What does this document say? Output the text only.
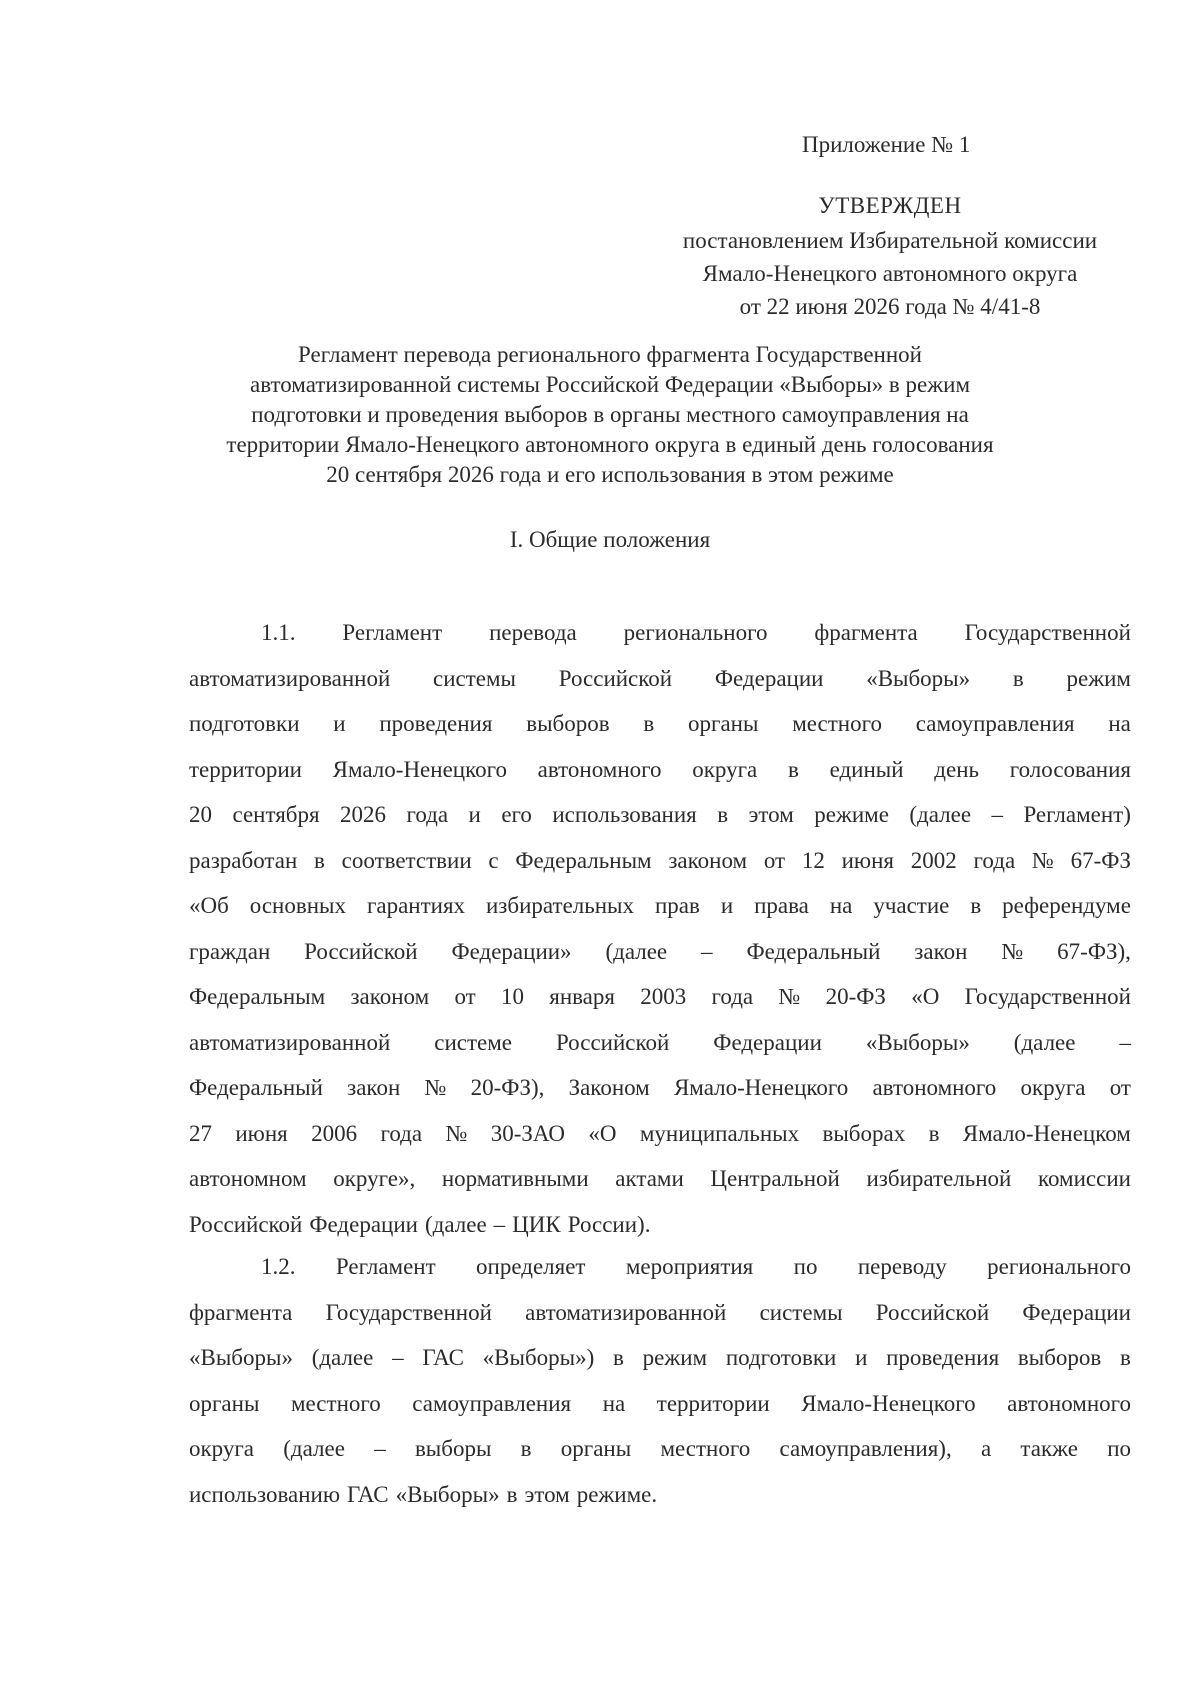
Приложение № 1
УТВЕРЖДЕН
постановлением Избирательной комиссии
Ямало-Ненецкого автономного округа
от 22 июня 2026 года № 4/41-8
Регламент перевода регионального фрагмента Государственной
автоматизированной системы Российской Федерации «Выборы» в режим
подготовки и проведения выборов в органы местного самоуправления на
территории Ямало-Ненецкого автономного округа в единый день голосования
20 сентября 2026 года и его использования в этом режиме
I. Общие положения
1.1. Регламент перевода регионального фрагмента Государственной
автоматизированной системы Российской Федерации «Выборы» в режим
подготовки и проведения выборов в органы местного самоуправления на
территории Ямало-Ненецкого автономного округа в единый день голосования
20 сентября 2026 года и его использования в этом режиме (далее – Регламент)
разработан в соответствии с Федеральным законом от 12 июня 2002 года № 67-ФЗ
«Об основных гарантиях избирательных прав и права на участие в референдуме
граждан Российской Федерации» (далее – Федеральный закон № 67-ФЗ),
Федеральным законом от 10 января 2003 года № 20-ФЗ «О Государственной
автоматизированной системе Российской Федерации «Выборы» (далее –
Федеральный закон № 20-ФЗ), Законом Ямало-Ненецкого автономного округа от
27 июня 2006 года № 30-ЗАО «О муниципальных выборах в Ямало-Ненецком
автономном округе», нормативными актами Центральной избирательной комиссии
Российской Федерации (далее – ЦИК России).
1.2. Регламент определяет мероприятия по переводу регионального
фрагмента Государственной автоматизированной системы Российской Федерации
«Выборы» (далее – ГАС «Выборы») в режим подготовки и проведения выборов в
органы местного самоуправления на территории Ямало-Ненецкого автономного
округа (далее – выборы в органы местного самоуправления), а также по
использованию ГАС «Выборы» в этом режиме.
